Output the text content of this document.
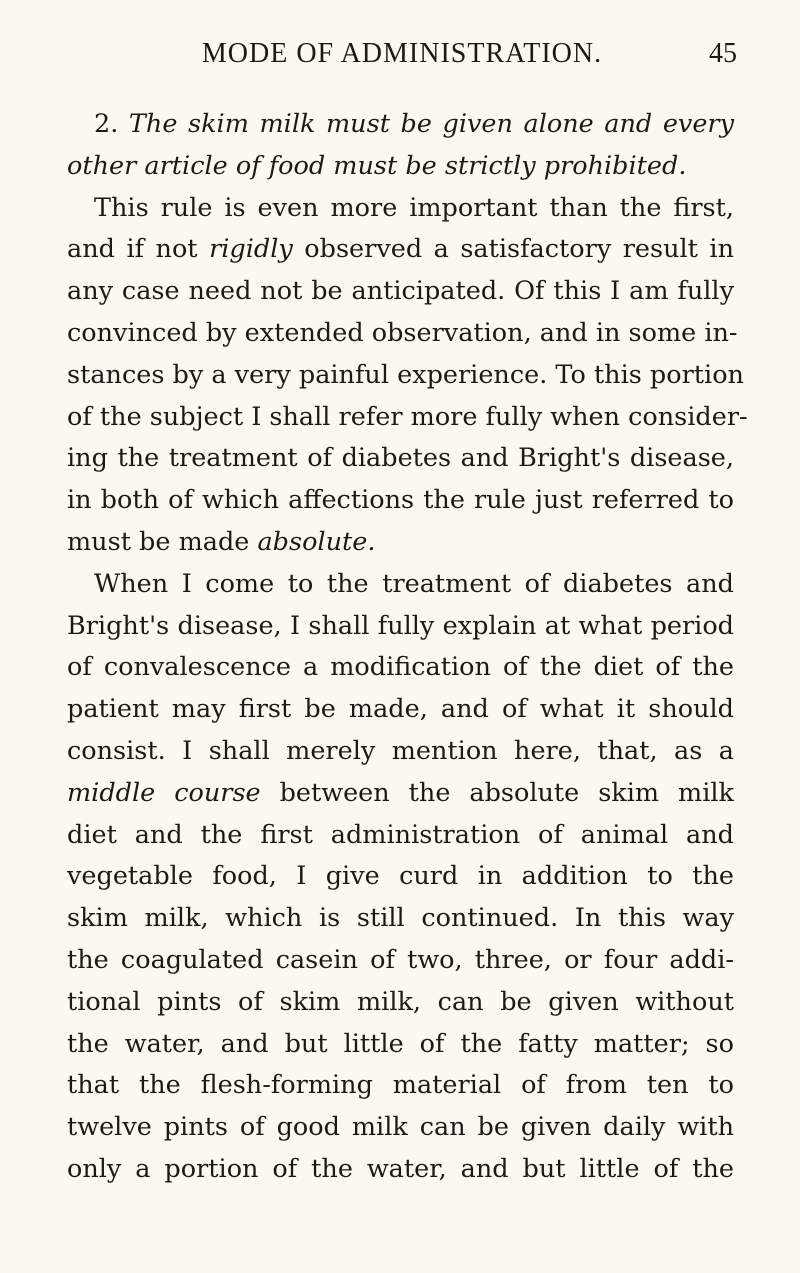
MODE OF ADMINISTRATION.	45
2. The skim milk must be given alone and every
other article of food must be strictly prohibited.
This rule is even more important than the first,
and if not rigidly observed a satisfactory result in
any case need not be anticipated. Of this I am fully
convinced by extended observation, and in some in-
stances by a very painful experience. To this portion
of the subject I shall refer more fully when consider-
ing the treatment of diabetes and Bright's disease,
in both of which affections the rule just referred to
must be made absolute.
When I come to the treatment of diabetes and
Bright's disease, I shall fully explain at what period
of convalescence a modification of the diet of the
patient may first be made, and of what it should
consist. I shall merely mention here, that, as a
middle course between the absolute skim milk
diet and the first administration of animal and
vegetable food, I give curd in addition to the
skim milk, which is still continued. In this way
the coagulated casein of two, three, or four addi-
tional pints of skim milk, can be given without
the water, and but little of the fatty matter; so
that the flesh-forming material of from ten to
twelve pints of good milk can be given daily with
only a portion of the water, and but little of the
